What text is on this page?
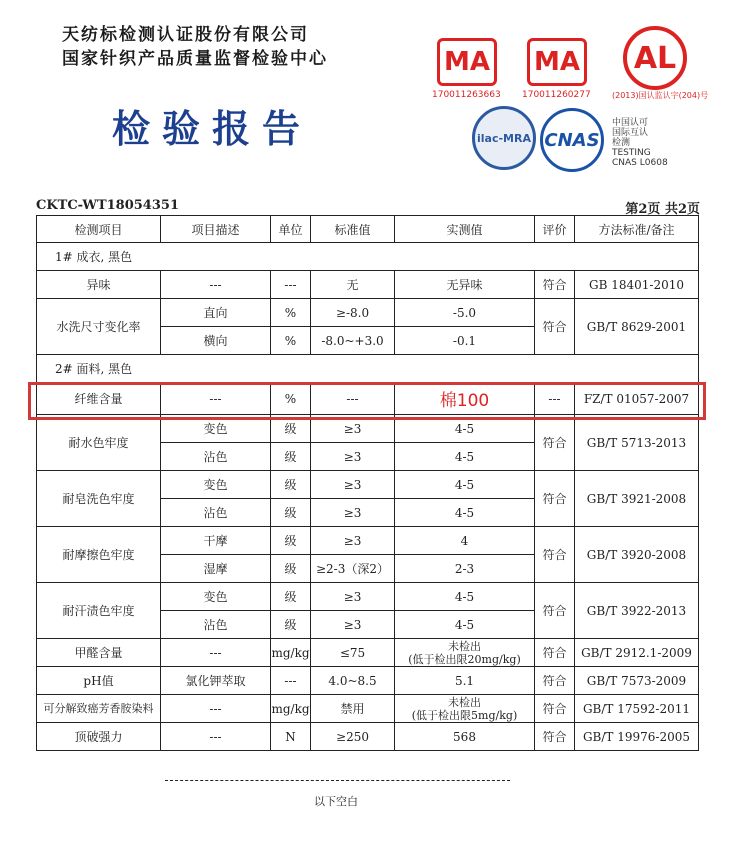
天纺标检测认证股份有限公司
国家针织产品质量监督检验中心
检验报告
MA
170011263663
MA
170011260277
AL
(2013)国认监认字(204)号
ilac-MRA CNAS
中国认可
国际互认
检测
TESTING
CNAS L0608
CKTC-WT18054351	第2页 共2页
检测项目	项目描述	单位	标准值	实测值	评价	方法标准/备注
1# 成衣, 黑色						
异味	---	---	无	无异味	符合	GB 18401-2010
水洗尺寸变化率	直向	%	≥-8.0	-5.0	符合	GB/T 8629-2001
	横向	%	-8.0~+3.0	-0.1		
2# 面料, 黑色						
纤维含量	---	%	---	棉100	---	FZ/T 01057-2007
耐水色牢度	变色	级	≥3	4-5	符合	GB/T 5713-2013
	沾色	级	≥3	4-5		
耐皂洗色牢度	变色	级	≥3	4-5	符合	GB/T 3921-2008
	沾色	级	≥3	4-5		
耐摩擦色牢度	干摩	级	≥3	4	符合	GB/T 3920-2008
	湿摩	级	≥2-3（深2）	2-3		
耐汗渍色牢度	变色	级	≥3	4-5	符合	GB/T 3922-2013
	沾色	级	≥3	4-5		
甲醛含量	---	mg/kg	≤75	未检出
(低于检出限20mg/kg)	符合	GB/T 2912.1-2009
pH值	氯化钾萃取	---	4.0~8.5	5.1	符合	GB/T 7573-2009
可分解致癌芳香胺染料	---	mg/kg	禁用	未检出
(低于检出限5mg/kg)	符合	GB/T 17592-2011
顶破强力	---	N	≥250	568	符合	GB/T 19976-2005
以下空白
